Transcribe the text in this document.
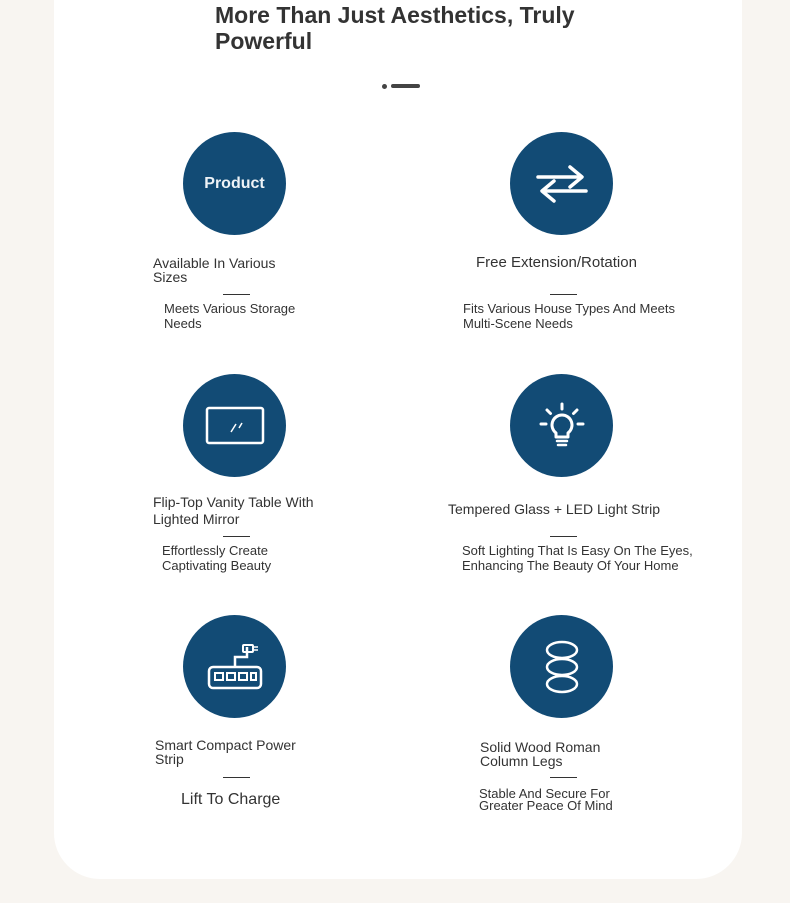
More Than Just Aesthetics, Truly Powerful
Product
Available In Various Sizes
Meets Various Storage Needs
Free Extension/Rotation
Fits Various House Types And Meets Multi-Scene Needs
Flip-Top Vanity Table With Lighted Mirror
Effortlessly Create Captivating Beauty
Tempered Glass + LED Light Strip
Soft Lighting That Is Easy On The Eyes, Enhancing The Beauty Of Your Home
Smart Compact Power Strip
Lift To Charge
Solid Wood Roman Column Legs
Stable And Secure For Greater Peace Of Mind
